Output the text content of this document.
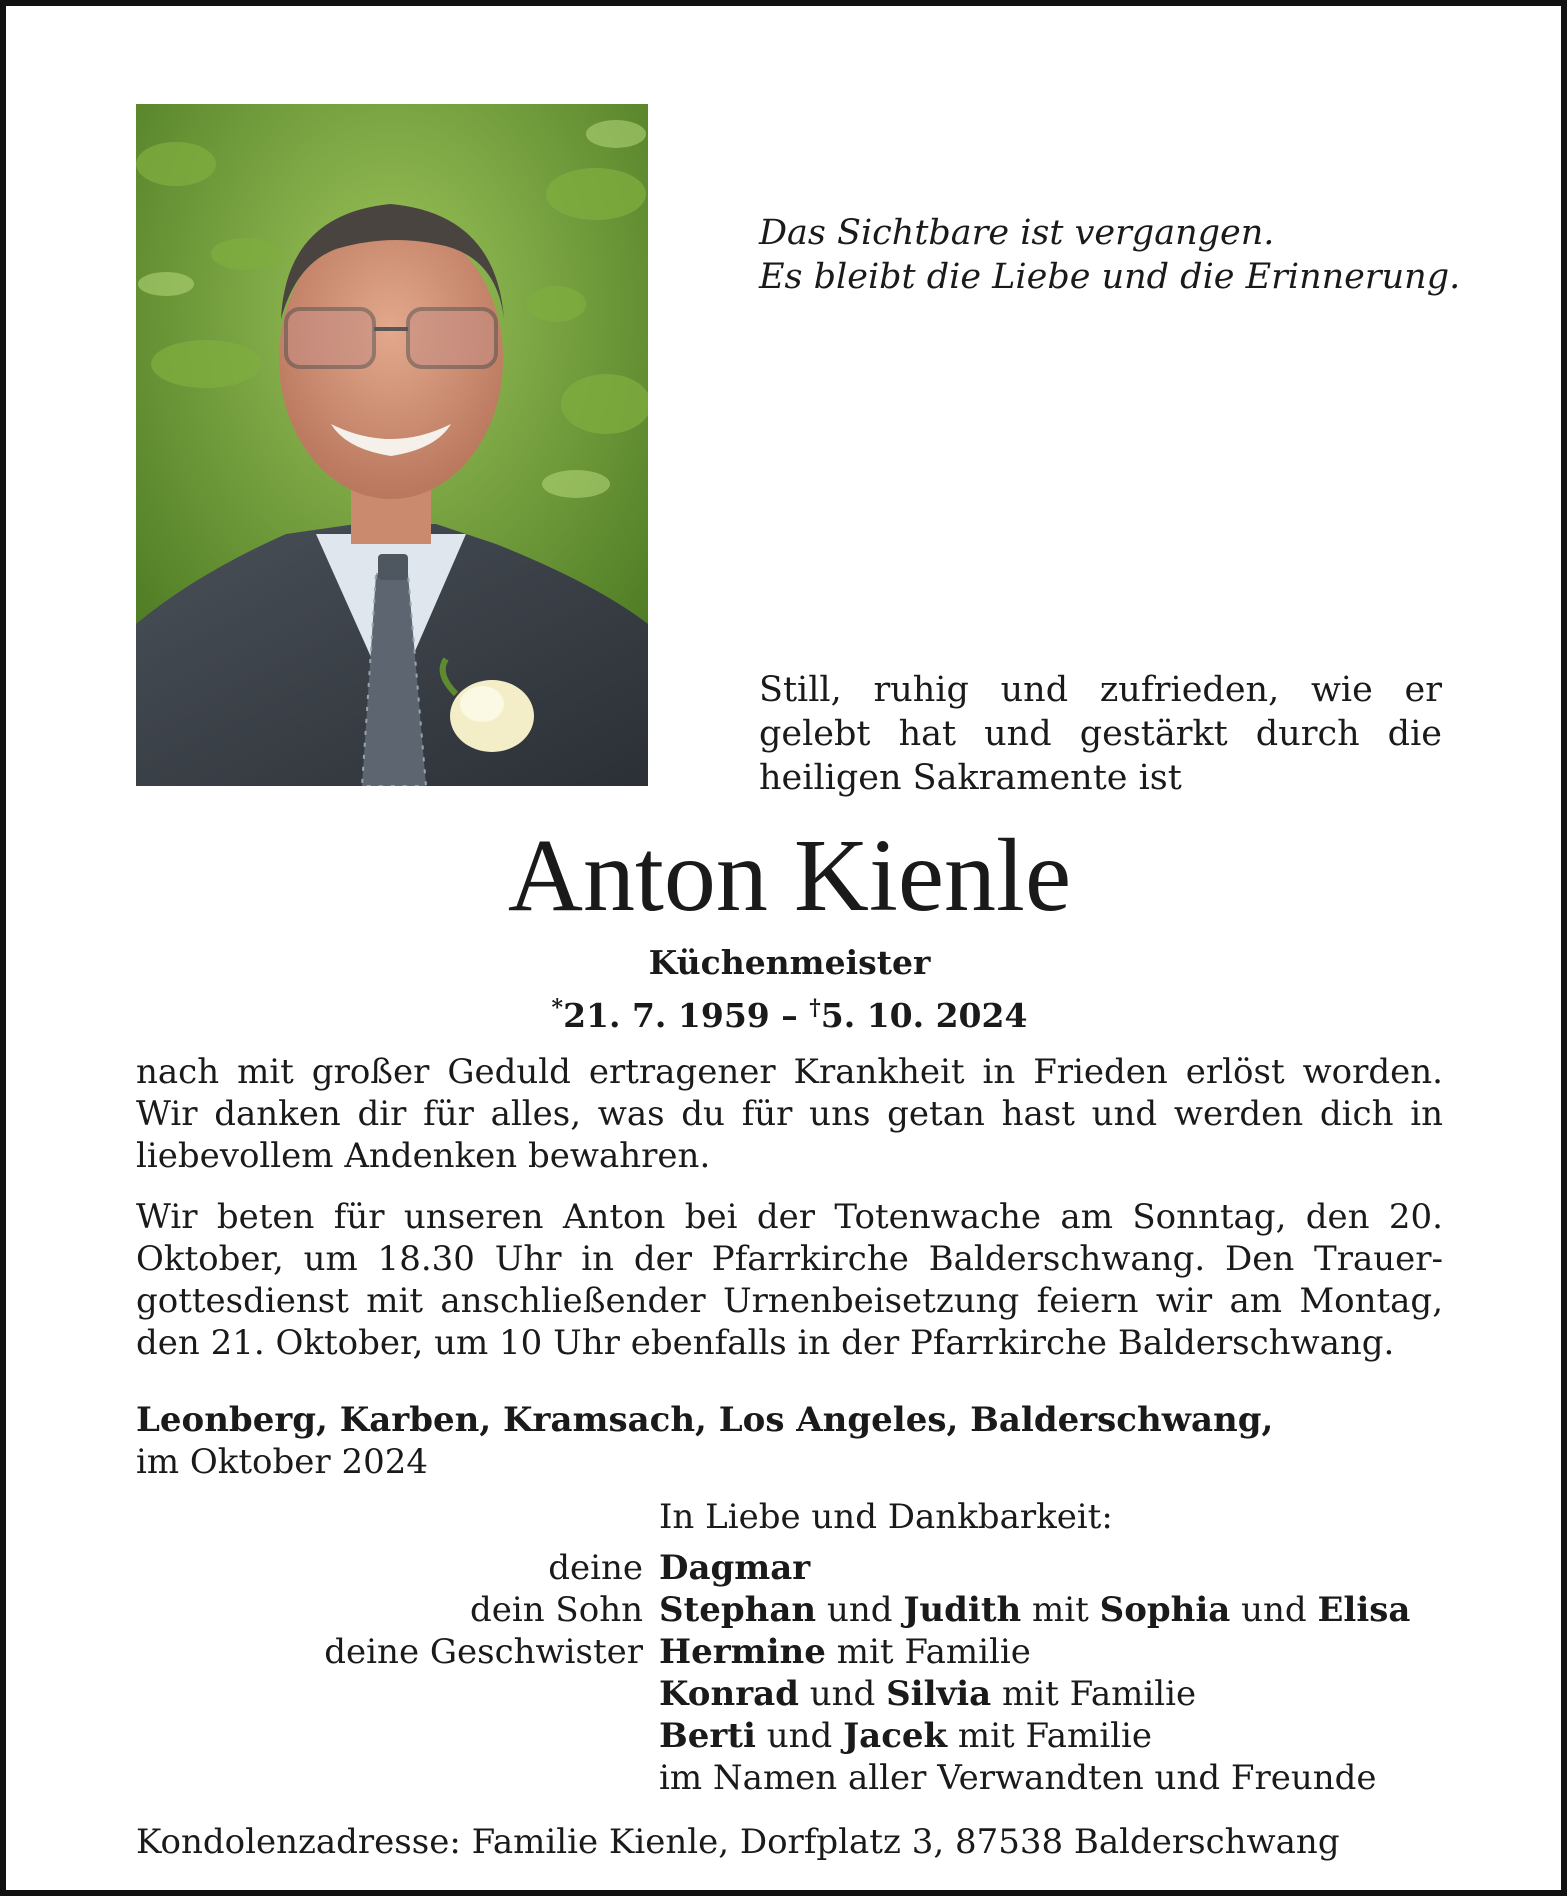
Das Sichtbare ist vergangen.
Es bleibt die Liebe und die Erinnerung.
Still, ruhig und zufrieden, wie er gelebt hat und gestärkt durch die heiligen Sakramente ist
Anton Kienle
Küchenmeister
*21. 7. 1959 – †5. 10. 2024
nach mit großer Geduld ertragener Krankheit in Frieden erlöst worden. Wir danken dir für alles, was du für uns getan hast und werden dich in liebevollem Andenken bewahren.
Wir beten für unseren Anton bei der Totenwache am Sonntag, den 20. Oktober, um 18.30 Uhr in der Pfarrkirche Balderschwang. Den Trauergottesdienst mit anschließender Urnenbeisetzung feiern wir am Montag, den 21. Oktober, um 10 Uhr ebenfalls in der Pfarrkirche Balderschwang.
Leonberg, Karben, Kramsach, Los Angeles, Balderschwang,
im Oktober 2024
In Liebe und Dankbarkeit:
deine Dagmar
dein Sohn Stephan und Judith mit Sophia und Elisa
deine Geschwister Hermine mit Familie
Konrad und Silvia mit Familie
Berti und Jacek mit Familie
im Namen aller Verwandten und Freunde
Kondolenzadresse: Familie Kienle, Dorfplatz 3, 87538 Balderschwang
